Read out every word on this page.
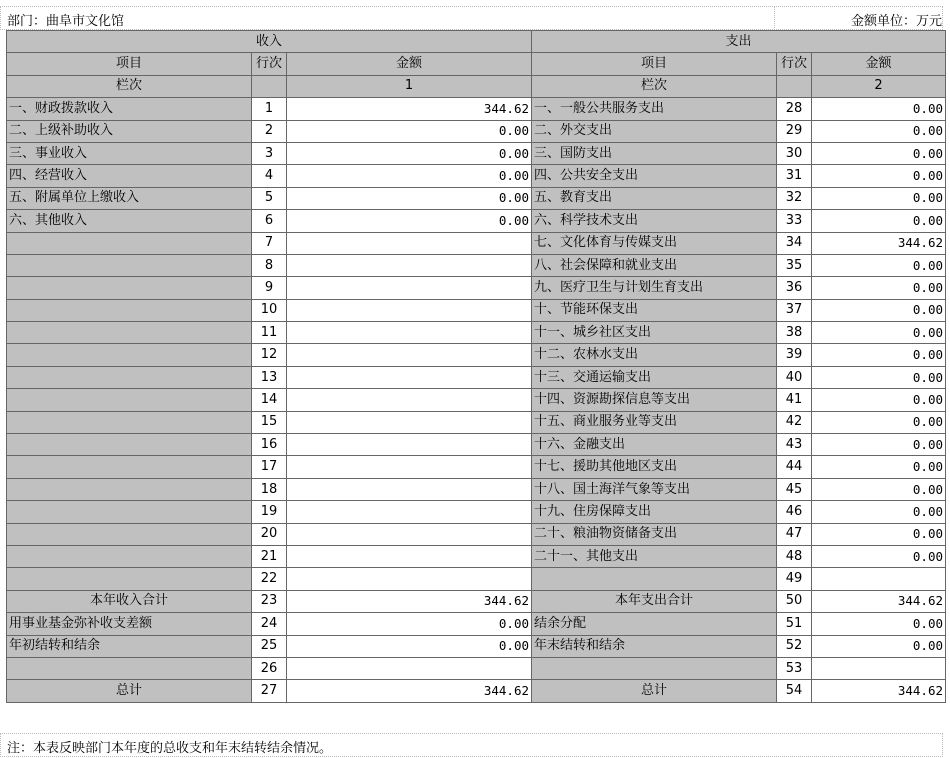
部门：曲阜市文化馆	金额单位：万元
收入			支出		
项目	行次	金额	项目	行次	金额
栏次		1	栏次		2
一、财政拨款收入	1	344.62	一、一般公共服务支出	28	0.00
二、上级补助收入	2	0.00	二、外交支出	29	0.00
三、事业收入	3	0.00	三、国防支出	30	0.00
四、经营收入	4	0.00	四、公共安全支出	31	0.00
五、附属单位上缴收入	5	0.00	五、教育支出	32	0.00
六、其他收入	6	0.00	六、科学技术支出	33	0.00
	7		七、文化体育与传媒支出	34	344.62
	8		八、社会保障和就业支出	35	0.00
	9		九、医疗卫生与计划生育支出	36	0.00
	10		十、节能环保支出	37	0.00
	11		十一、城乡社区支出	38	0.00
	12		十二、农林水支出	39	0.00
	13		十三、交通运输支出	40	0.00
	14		十四、资源勘探信息等支出	41	0.00
	15		十五、商业服务业等支出	42	0.00
	16		十六、金融支出	43	0.00
	17		十七、援助其他地区支出	44	0.00
	18		十八、国土海洋气象等支出	45	0.00
	19		十九、住房保障支出	46	0.00
	20		二十、粮油物资储备支出	47	0.00
	21		二十一、其他支出	48	0.00
	22			49	
本年收入合计	23	344.62	本年支出合计	50	344.62
用事业基金弥补收支差额	24	0.00	结余分配	51	0.00
年初结转和结余	25	0.00	年末结转和结余	52	0.00
	26			53	
总计	27	344.62	总计	54	344.62
注：本表反映部门本年度的总收支和年末结转结余情况。
